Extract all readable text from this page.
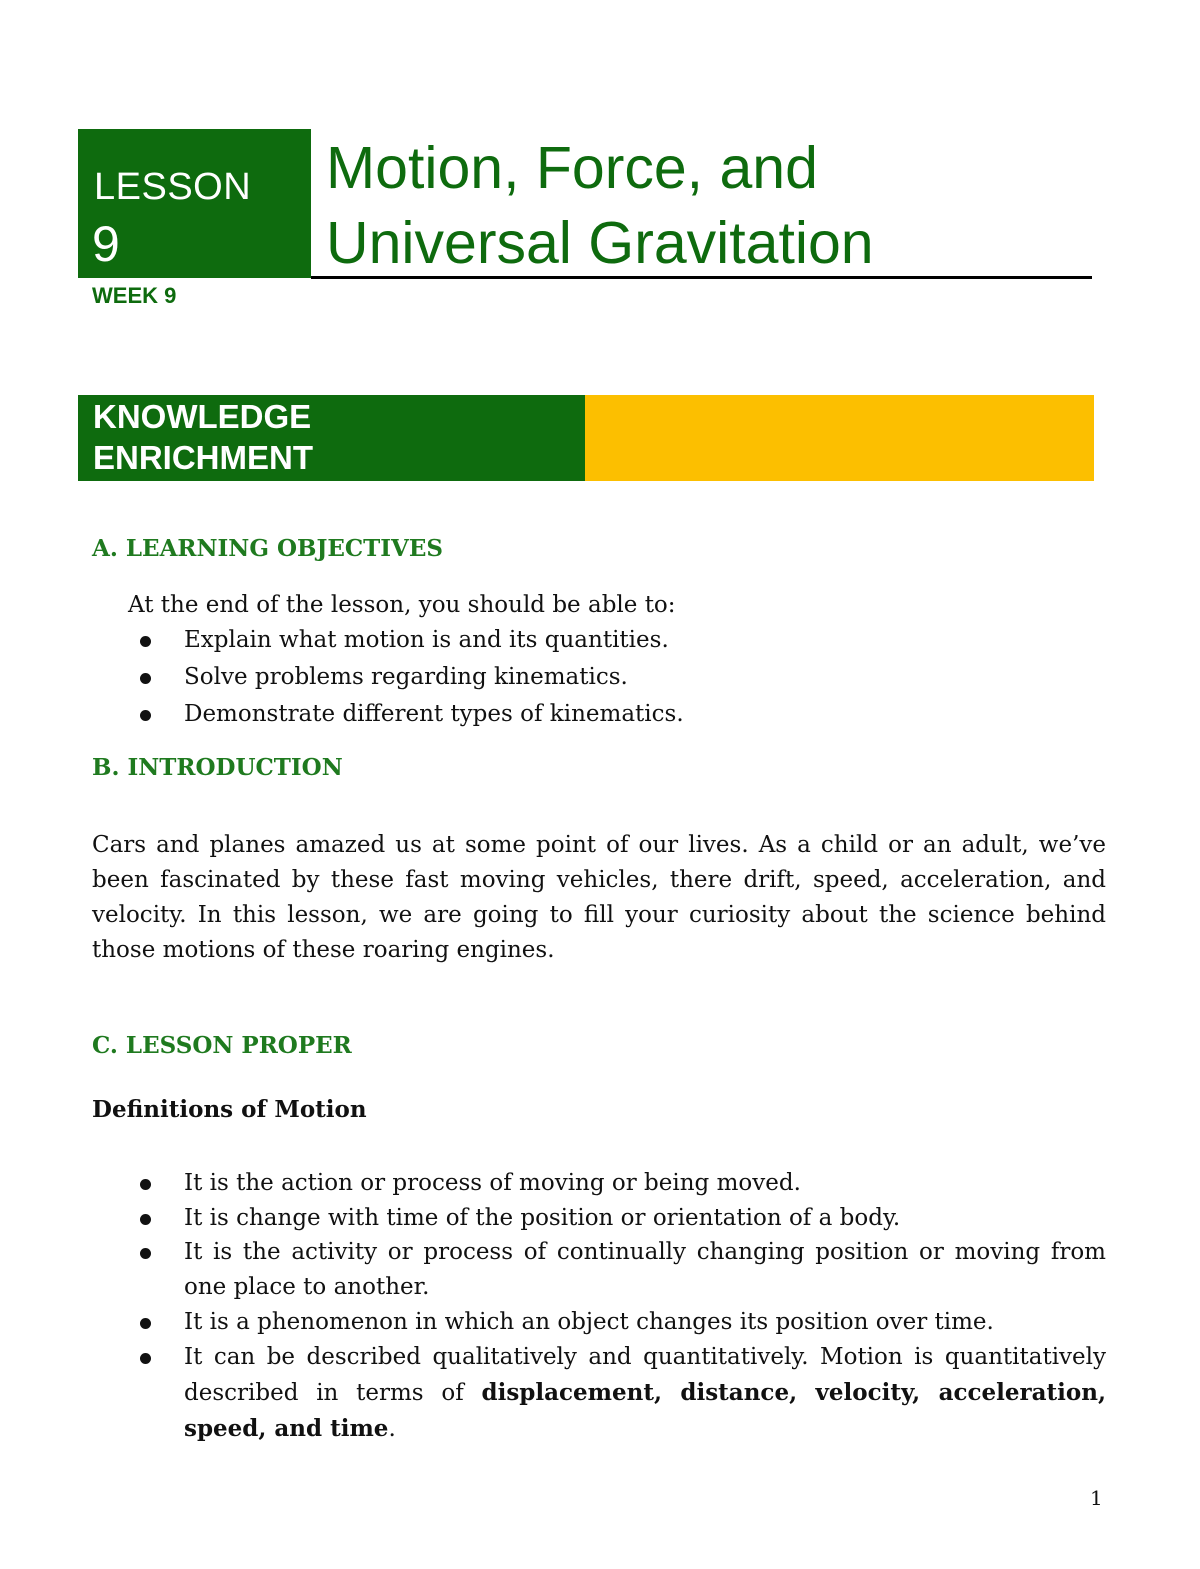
LESSON
9
Motion, Force, and
Universal Gravitation
WEEK 9
KNOWLEDGE
ENRICHMENT
A. LEARNING OBJECTIVES
At the end of the lesson, you should be able to:
Explain what motion is and its quantities.
Solve problems regarding kinematics.
Demonstrate different types of kinematics.
B. INTRODUCTION
Cars and planes amazed us at some point of our lives. As a child or an adult, we’ve been fascinated by these fast moving vehicles, there drift, speed, acceleration, and velocity. In this lesson, we are going to fill your curiosity about the science behind those motions of these roaring engines.
C. LESSON PROPER
Definitions of Motion
It is the action or process of moving or being moved.
It is change with time of the position or orientation of a body.
It is the activity or process of continually changing position or moving from one place to another.
It is a phenomenon in which an object changes its position over time.
It can be described qualitatively and quantitatively. Motion is quantitatively described in terms of displacement, distance, velocity, acceleration, speed, and time.
1
